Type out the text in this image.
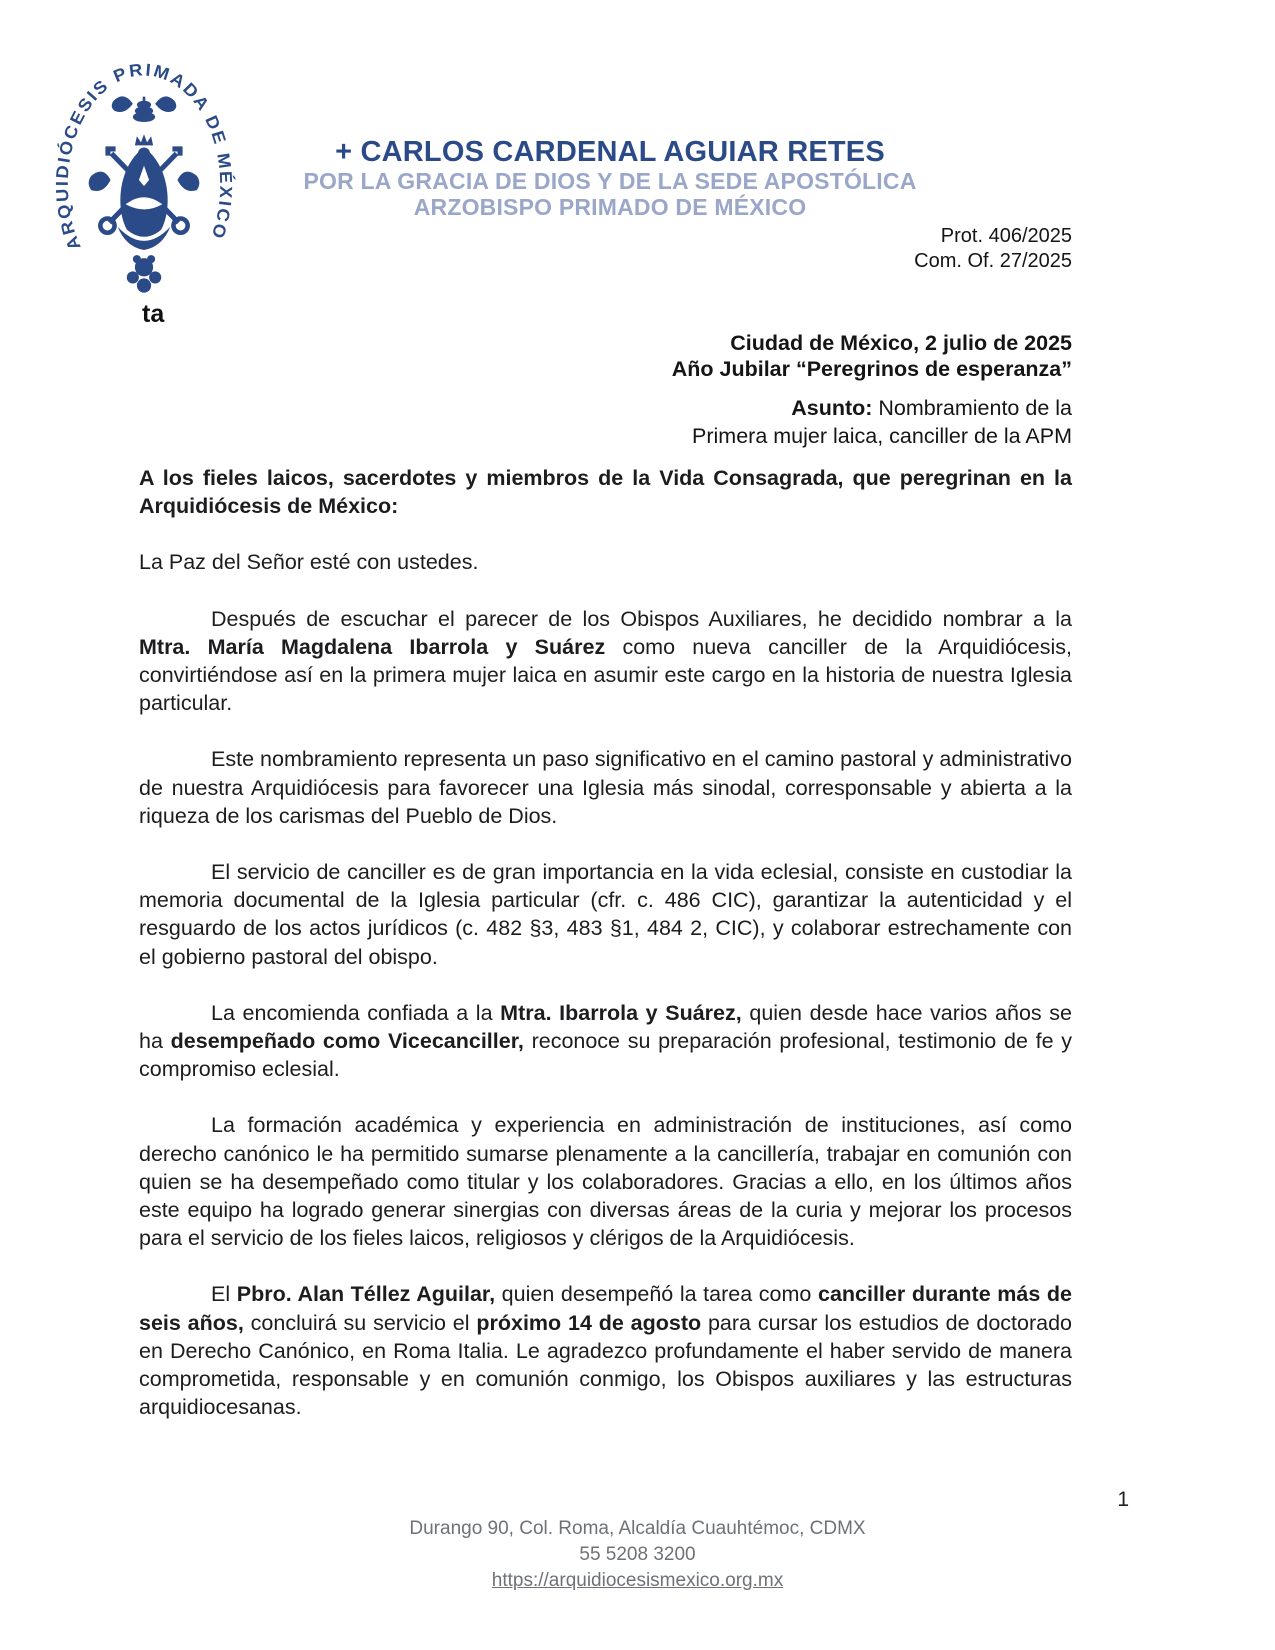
ARQUIDIÓCESIS PRIMADA DE MÉXICO
ta
+ CARLOS CARDENAL AGUIAR RETES
POR LA GRACIA DE DIOS Y DE LA SEDE APOSTÓLICA
ARZOBISPO PRIMADO DE MÉXICO
Prot. 406/2025
Com. Of. 27/2025
Ciudad de México, 2 julio de 2025
Año Jubilar “Peregrinos de esperanza”
Asunto: Nombramiento de la
Primera mujer laica, canciller de la APM

A los fieles laicos, sacerdotes y miembros de la Vida Consagrada, que peregrinan en la Arquidiócesis de México:

La Paz del Señor esté con ustedes.

Después de escuchar el parecer de los Obispos Auxiliares, he decidido nombrar a la Mtra. María Magdalena Ibarrola y Suárez como nueva canciller de la Arquidiócesis, convirtiéndose así en la primera mujer laica en asumir este cargo en la historia de nuestra Iglesia particular.

Este nombramiento representa un paso significativo en el camino pastoral y administrativo de nuestra Arquidiócesis para favorecer una Iglesia más sinodal, corresponsable y abierta a la riqueza de los carismas del Pueblo de Dios.

El servicio de canciller es de gran importancia en la vida eclesial, consiste en custodiar la memoria documental de la Iglesia particular (cfr. c. 486 CIC), garantizar la autenticidad y el resguardo de los actos jurídicos (c. 482 §3, 483 §1, 484 2, CIC), y colaborar estrechamente con el gobierno pastoral del obispo.

La encomienda confiada a la Mtra. Ibarrola y Suárez, quien desde hace varios años se ha desempeñado como Vicecanciller, reconoce su preparación profesional, testimonio de fe y compromiso eclesial.

La formación académica y experiencia en administración de instituciones, así como derecho canónico le ha permitido sumarse plenamente a la cancillería, trabajar en comunión con quien se ha desempeñado como titular y los colaboradores. Gracias a ello, en los últimos años este equipo ha logrado generar sinergias con diversas áreas de la curia y mejorar los procesos para el servicio de los fieles laicos, religiosos y clérigos de la Arquidiócesis.

El Pbro. Alan Téllez Aguilar, quien desempeñó la tarea como canciller durante más de seis años, concluirá su servicio el próximo 14 de agosto para cursar los estudios de doctorado en Derecho Canónico, en Roma Italia. Le agradezco profundamente el haber servido de manera comprometida, responsable y en comunión conmigo, los Obispos auxiliares y las estructuras arquidiocesanas.

1
Durango 90, Col. Roma, Alcaldía Cuauhtémoc, CDMX
55 5208 3200
https://arquidiocesismexico.org.mx
